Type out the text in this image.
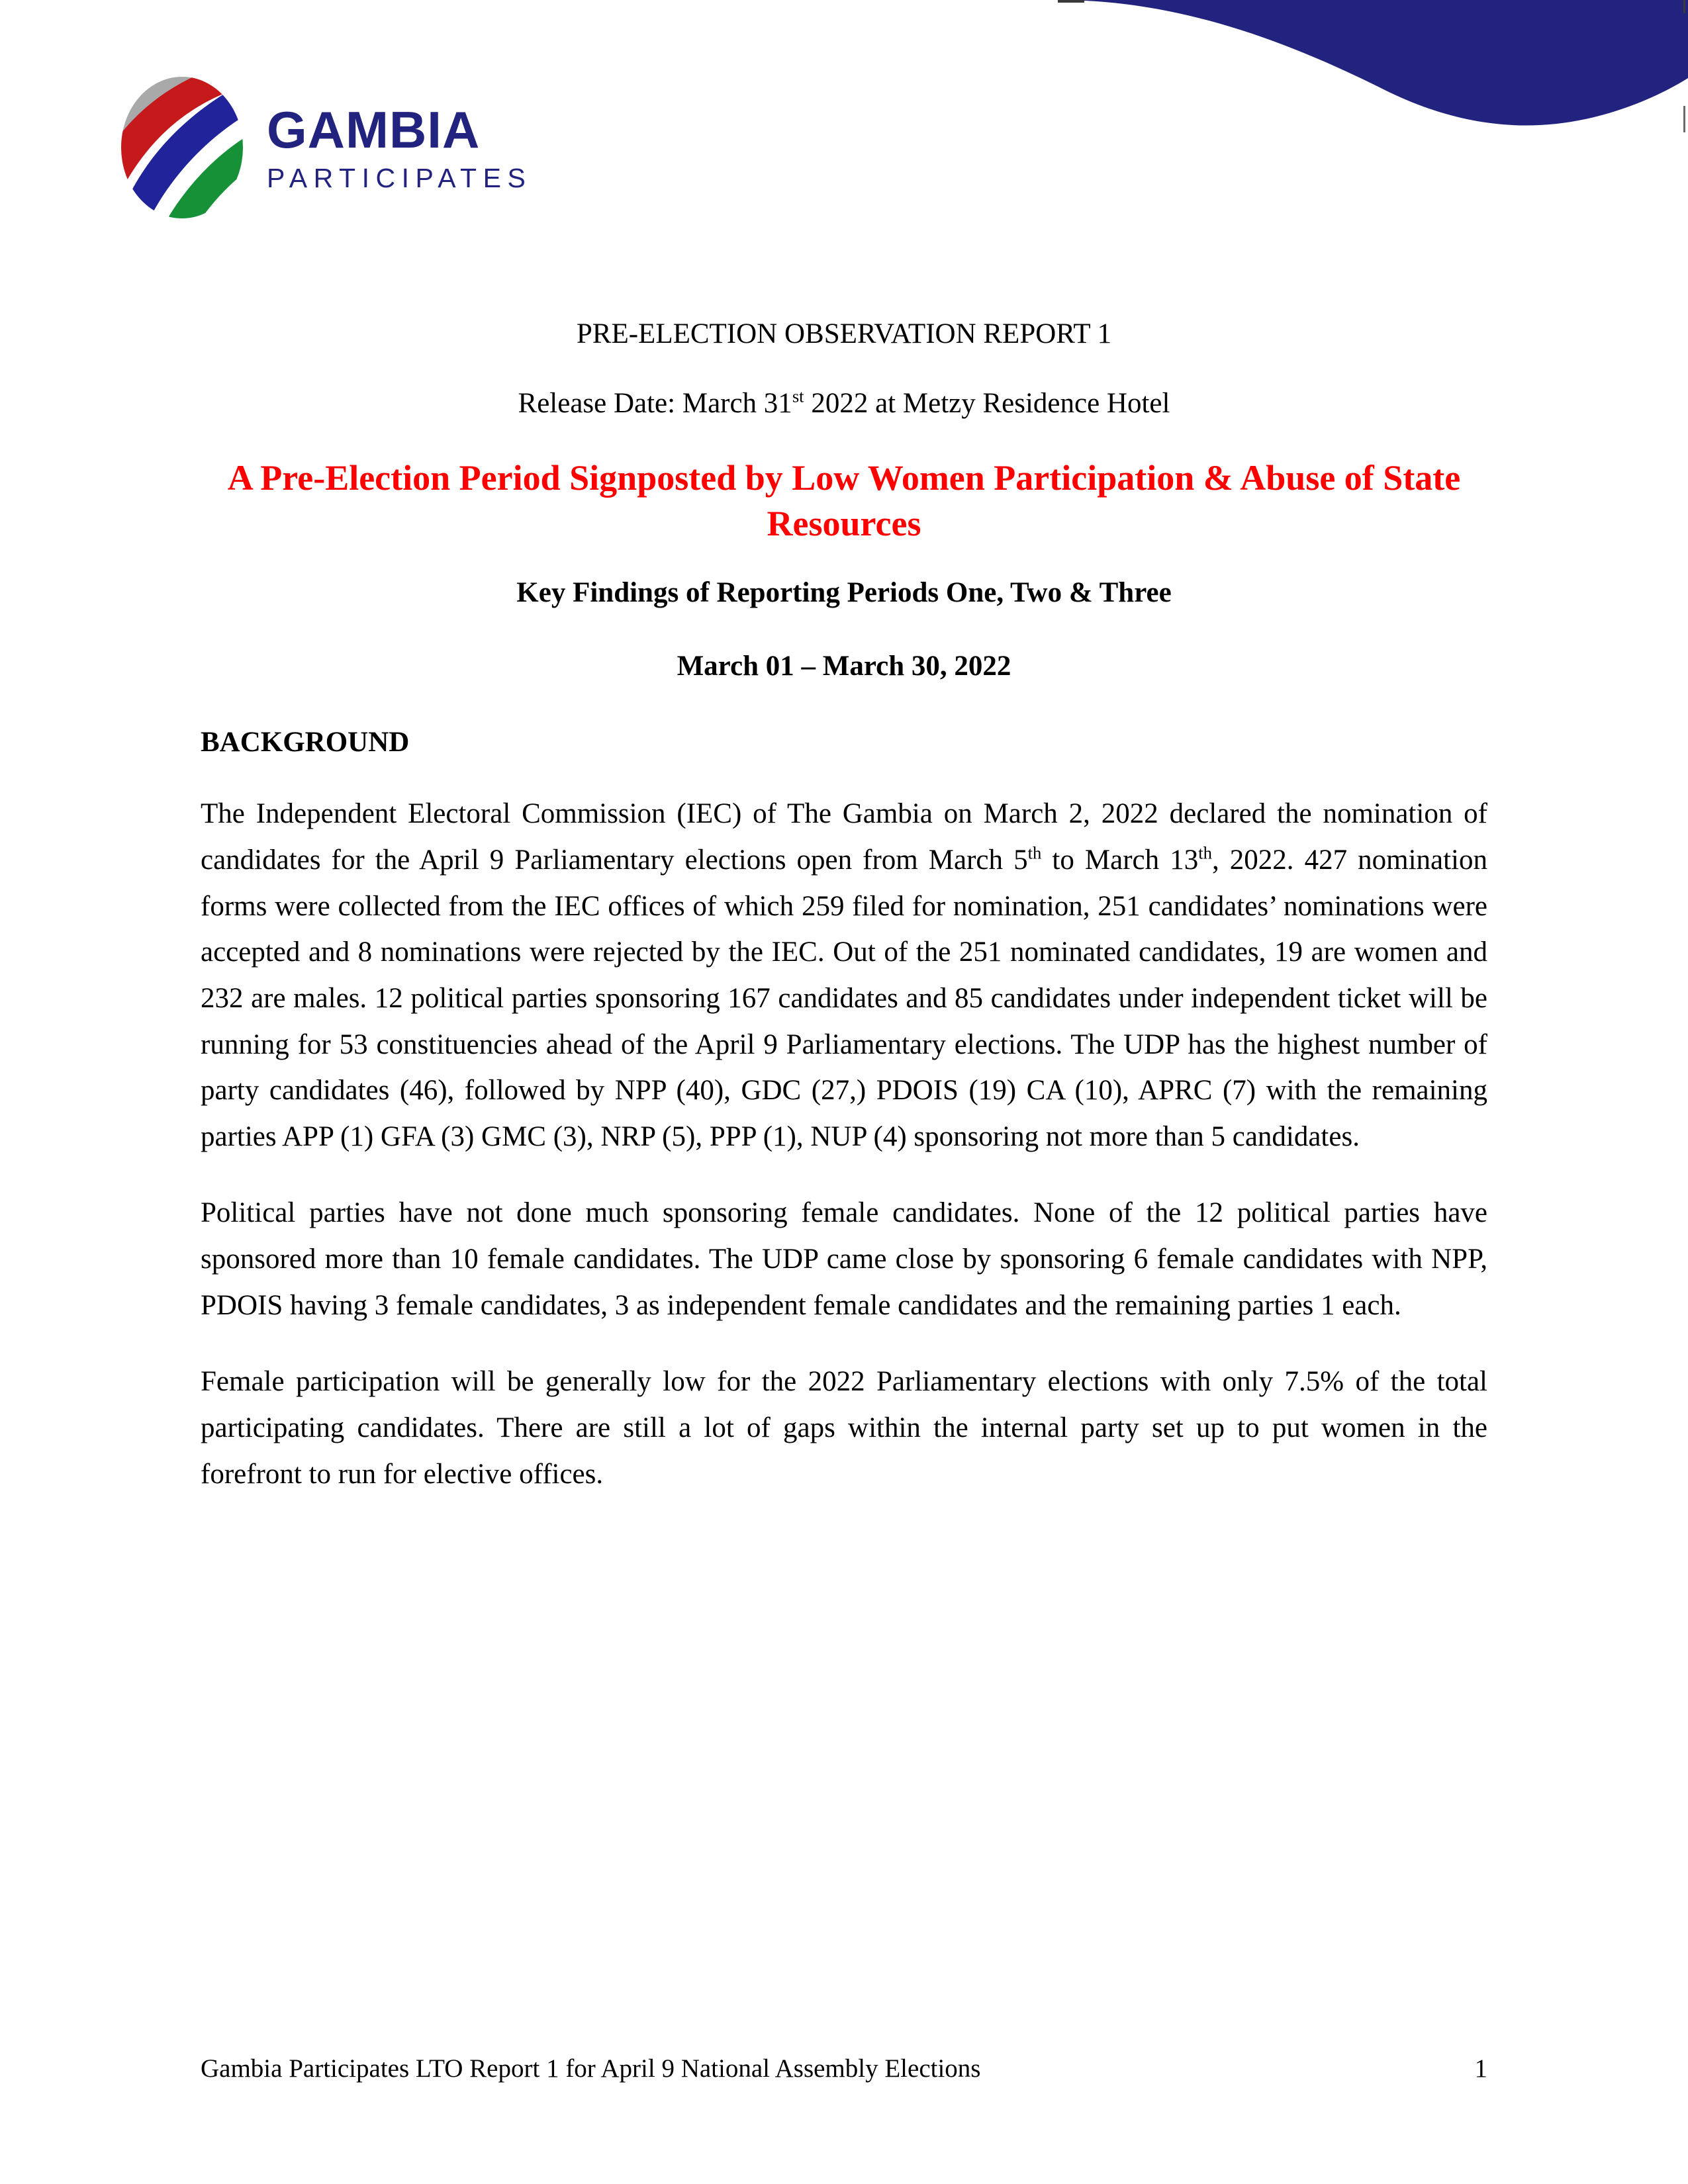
GAMBIA
PARTICIPATES
PRE-ELECTION OBSERVATION REPORT 1
Release Date: March 31st 2022 at Metzy Residence Hotel
A Pre-Election Period Signposted by Low Women Participation & Abuse of State Resources
Key Findings of Reporting Periods One, Two & Three
March 01 – March 30, 2022
BACKGROUND

The Independent Electoral Commission (IEC) of The Gambia on March 2, 2022 declared the nomination of candidates for the April 9 Parliamentary elections open from March 5th to March 13th, 2022. 427 nomination forms were collected from the IEC offices of which 259 filed for nomination, 251 candidates’ nominations were accepted and 8 nominations were rejected by the IEC. Out of the 251 nominated candidates, 19 are women and 232 are males. 12 political parties sponsoring 167 candidates and 85 candidates under independent ticket will be running for 53 constituencies ahead of the April 9 Parliamentary elections. The UDP has the highest number of party candidates (46), followed by NPP (40), GDC (27,) PDOIS (19) CA (10), APRC (7) with the remaining parties APP (1) GFA (3) GMC (3), NRP (5), PPP (1), NUP (4) sponsoring not more than 5 candidates.

Political parties have not done much sponsoring female candidates. None of the 12 political parties have sponsored more than 10 female candidates. The UDP came close by sponsoring 6 female candidates with NPP, PDOIS having 3 female candidates, 3 as independent female candidates and the remaining parties 1 each.

Female participation will be generally low for the 2022 Parliamentary elections with only 7.5% of the total participating candidates. There are still a lot of gaps within the internal party set up to put women in the forefront to run for elective offices.

Gambia Participates LTO Report 1 for April 9 National Assembly Elections	1
